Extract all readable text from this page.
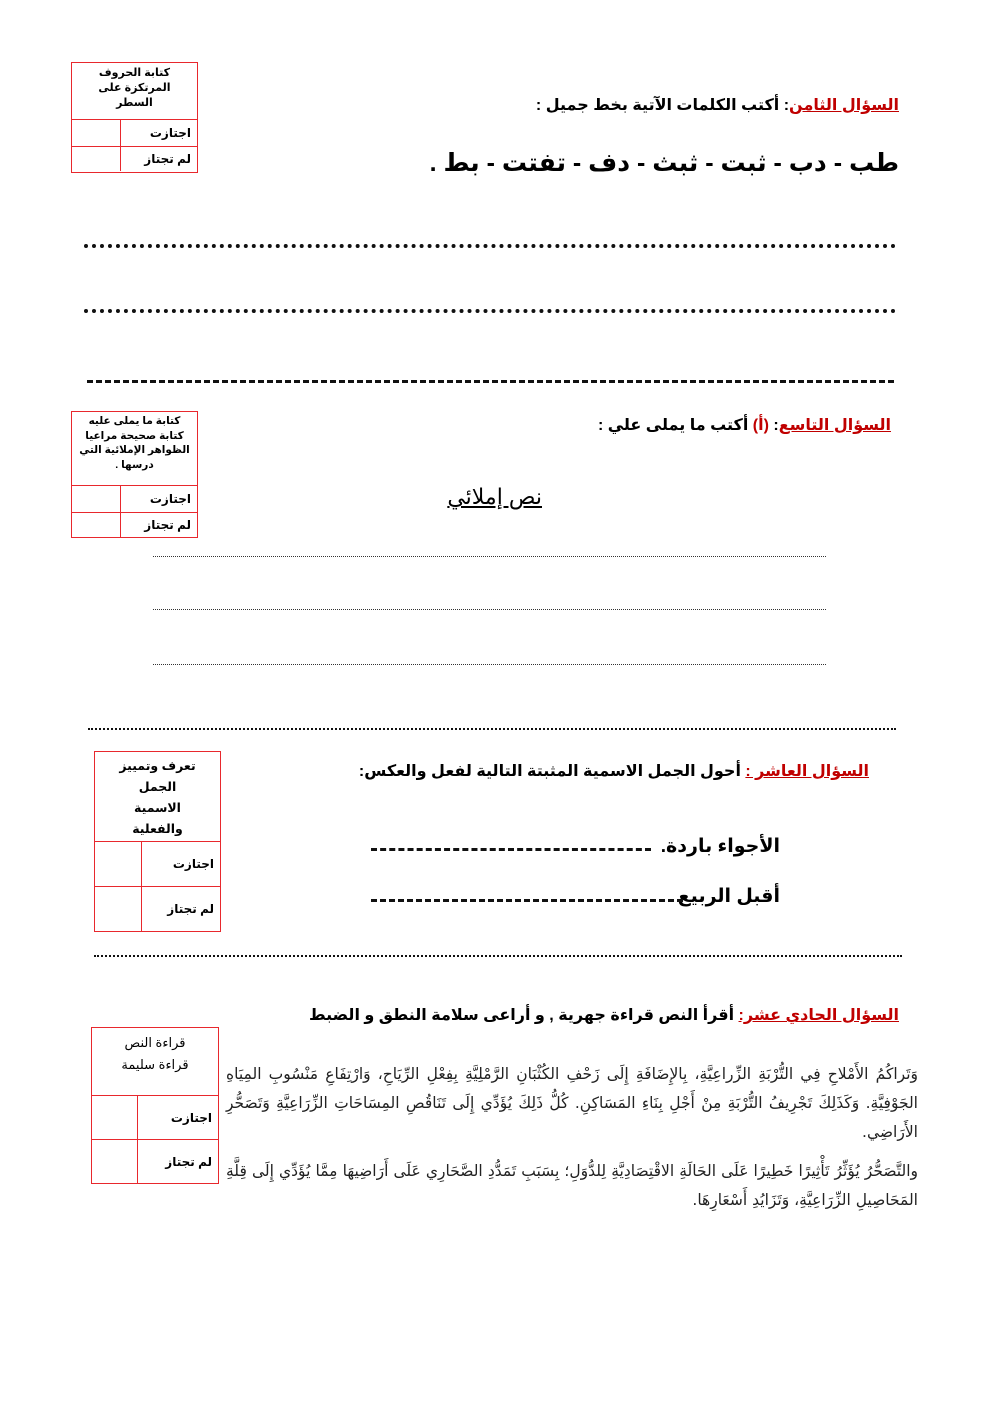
كتابة الحروف المرتكزة على السطر
اجتازت
لم تجتاز
السؤال الثامن: أكتب الكلمات الآتية بخط جميل :
طب - دب - ثبت - ثبث - دف - تفتت - بط .
كتابة ما يملى عليه كتابة صحيحة مراعيا الظواهر الإملائية التي درسها .
اجتازت
لم تجتاز
السؤال التاسع: (أ) أكتب ما يملى علي :
نص إملائي
تعرف وتمييز الجمل الاسمية والفعلية
اجتازت
لم تجتاز
السؤال العاشر : أحول الجمل الاسمية المثبتة التالية لفعل والعكس:
الأجواء باردة.
أقبل الربيع
السؤال الحادي عشر: أقرأ النص قراءة جهرية , و أراعى سلامة النطق و الضبط
قراءة النص قراءة سليمة
اجتازت
لم تجتاز

وَتَراكُمُ الأَمْلاحِ فِي التُّرْبَةِ الزِّراعِيَّةِ، بِالإِضَافَةِ إِلَى زَحْفِ الكُثْبَانِ الرَّمْلِيَّةِ بِفِعْلِ الرِّيَاحِ، وَارْتِفَاعِ مَنْسُوبِ المِيَاهِ الجَوْفِيَّةِ. وَكَذَلِكَ تَجْرِيفُ التُّرْبَةِ مِنْ أَجْلِ بِنَاءِ المَسَاكِنِ. كُلُّ ذَلِكَ يُؤَدِّي إِلَى تَنَاقُصِ المِسَاحَاتِ الزِّرَاعِيَّةِ وَتَصَحُّرِ الأَرَاضِي.

والتَّصَحُّرُ يُؤَثِّرُ تَأْثِيرًا خَطِيرًا عَلَى الحَالَةِ الاقْتِصَادِيَّةِ لِلدُّوَلِ؛ بِسَبَبِ تَمَدُّدِ الصَّحَارِي عَلَى أَرَاضِيهَا مِمَّا يُؤَدِّي إِلَى قِلَّةِ المَحَاصِيلِ الزِّرَاعِيَّةِ، وَتَزَايُدِ أَسْعَارِهَا.
